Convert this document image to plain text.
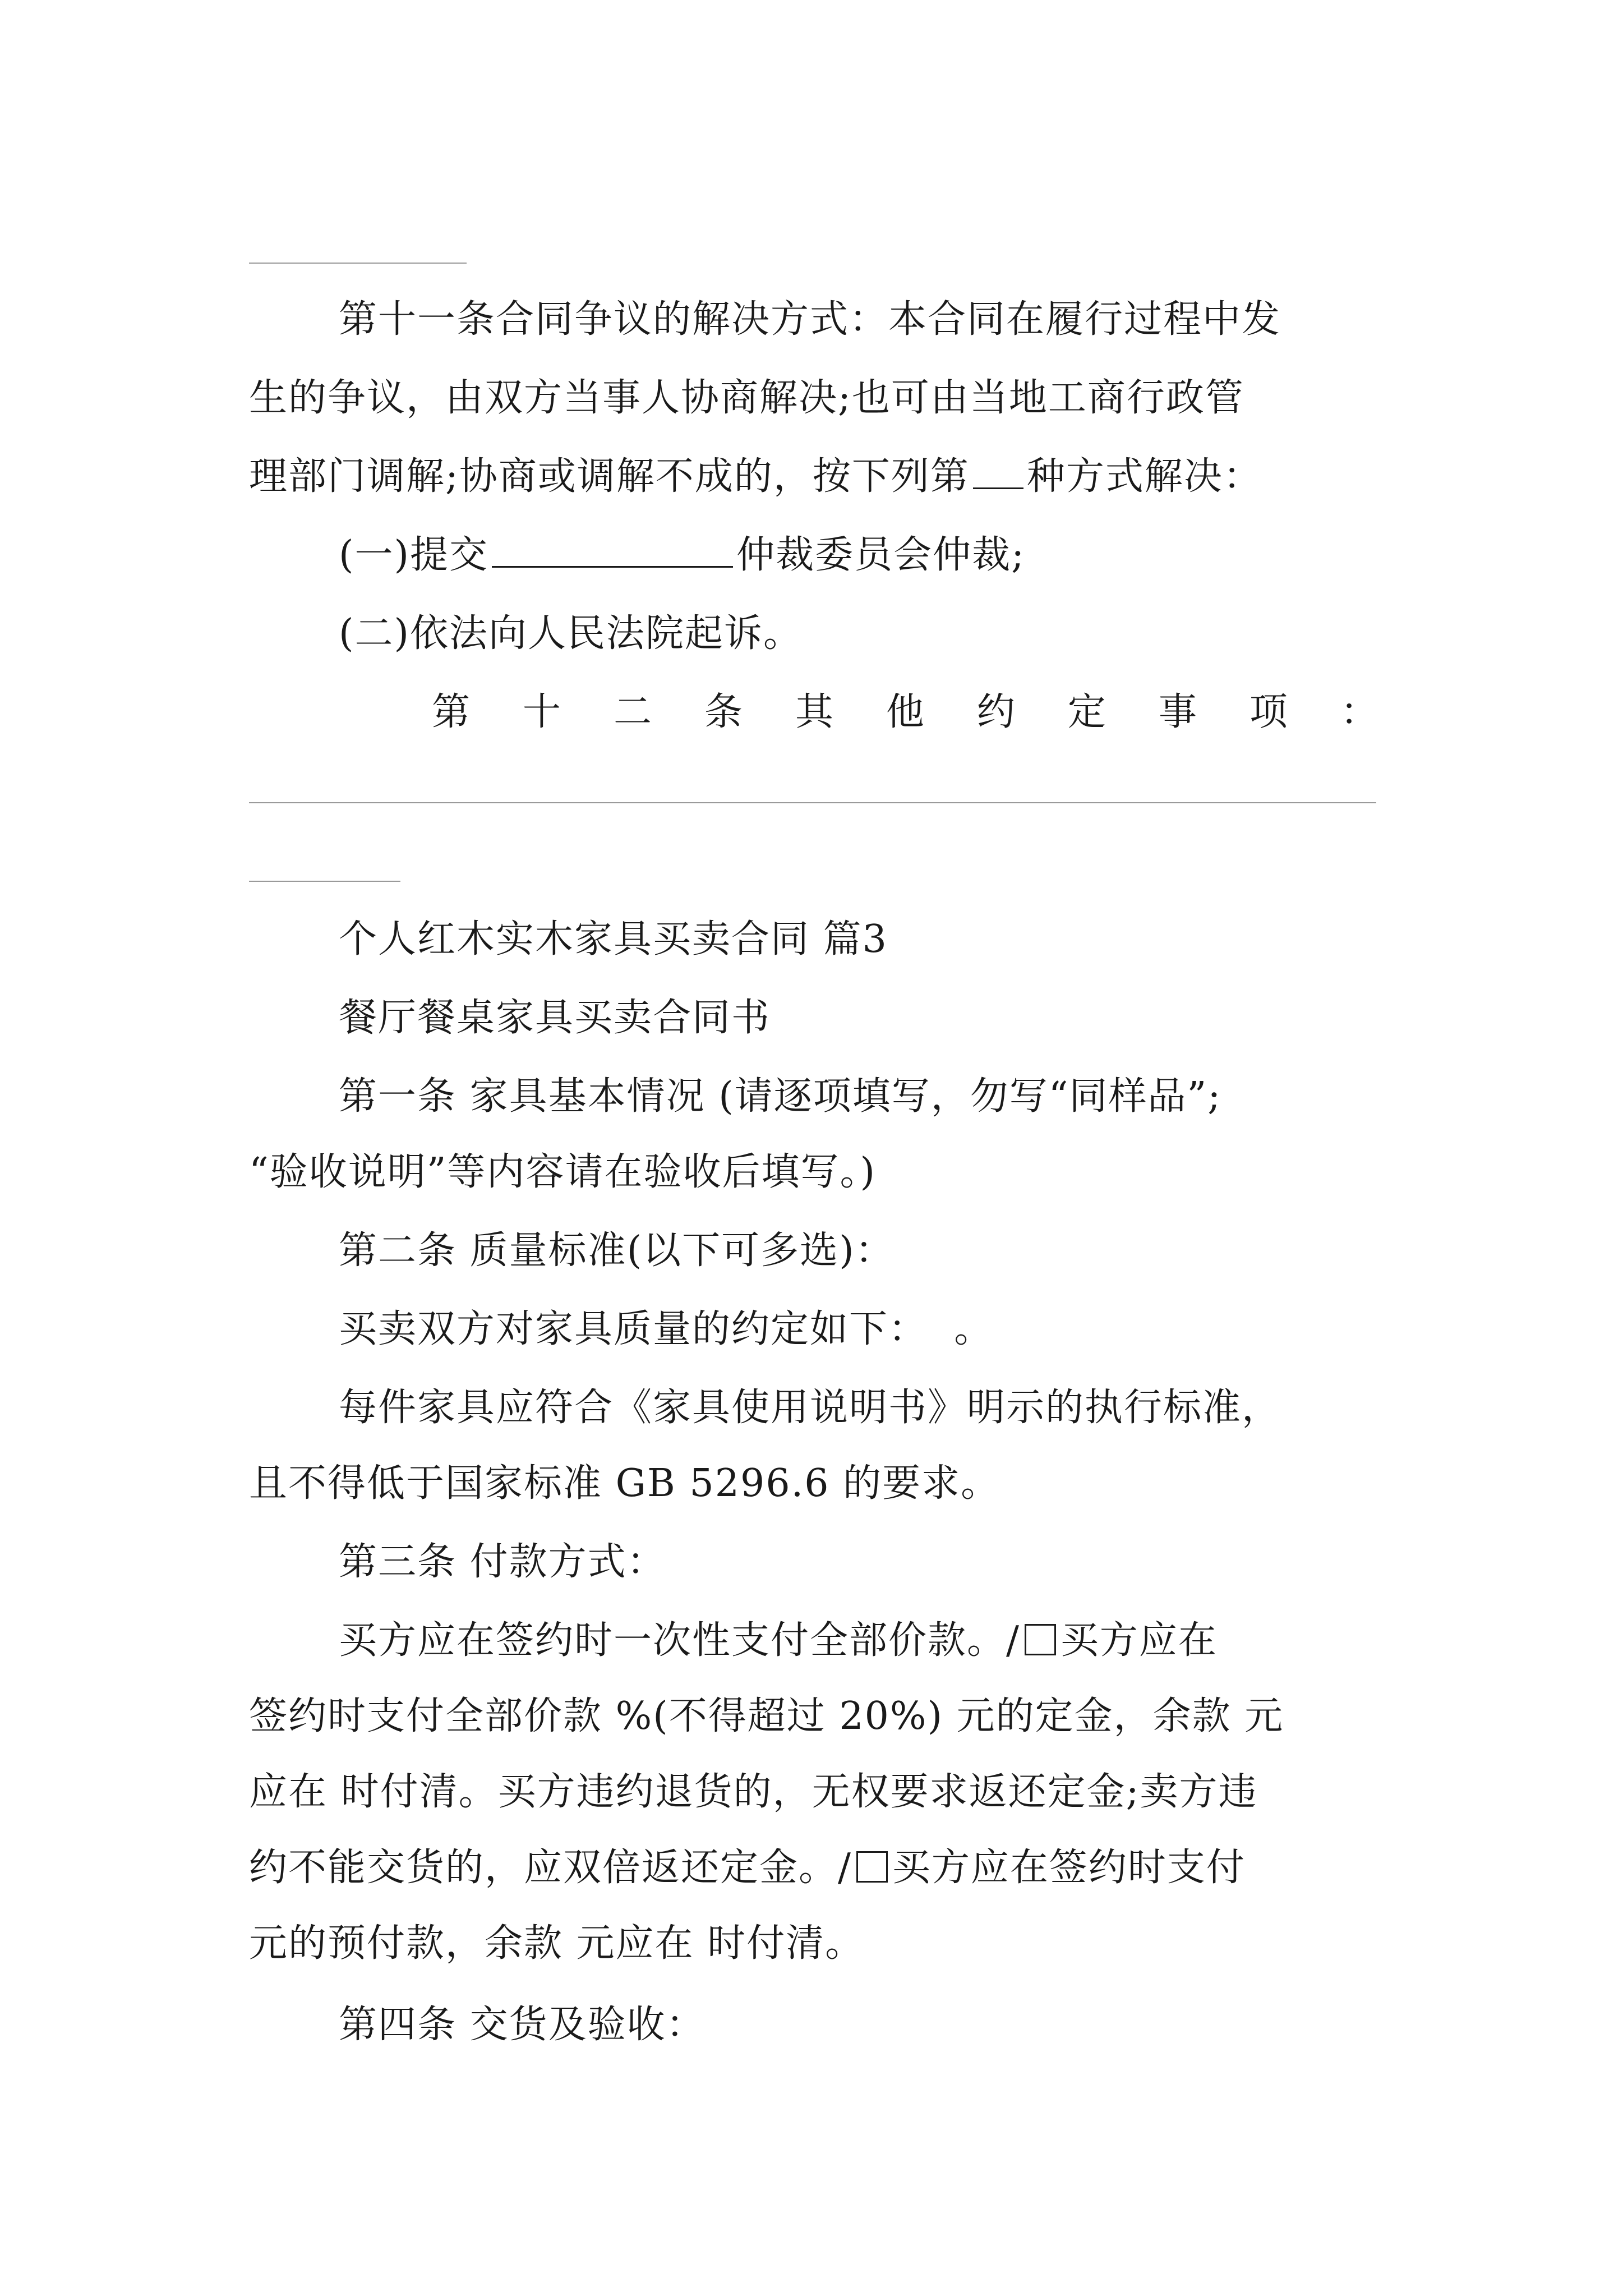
第十一条合同争议的解决方式：本合同在履行过程中发
生的争议，由双方当事人协商解决;也可由当地工商行政管
理部门调解;协商或调解不成的，按下列第 种方式解决：
(一)提交	仲裁委员会仲裁;
(二)依法向人民法院起诉。
第 十 二 条 其 他 约 定 事 项 ：
个人红木实木家具买卖合同 篇3
餐厅餐桌家具买卖合同书
第一条 家具基本情况 (请逐项填写，勿写“同样品”;
“验收说明”等内容请在验收后填写。)
第二条 质量标准(以下可多选)：
买卖双方对家具质量的约定如下：  。
每件家具应符合《家具使用说明书》明示的执行标准，
且不得低于国家标准 GB 5296.6 的要求。
第三条 付款方式：
买方应在签约时一次性支付全部价款。/ 买方应在
签约时支付全部价款 %(不得超过 20%) 元的定金，余款 元
应在 时付清。买方违约退货的，无权要求返还定金;卖方违
约不能交货的，应双倍返还定金。/ 买方应在签约时支付
元的预付款，余款 元应在 时付清。
第四条 交货及验收：
